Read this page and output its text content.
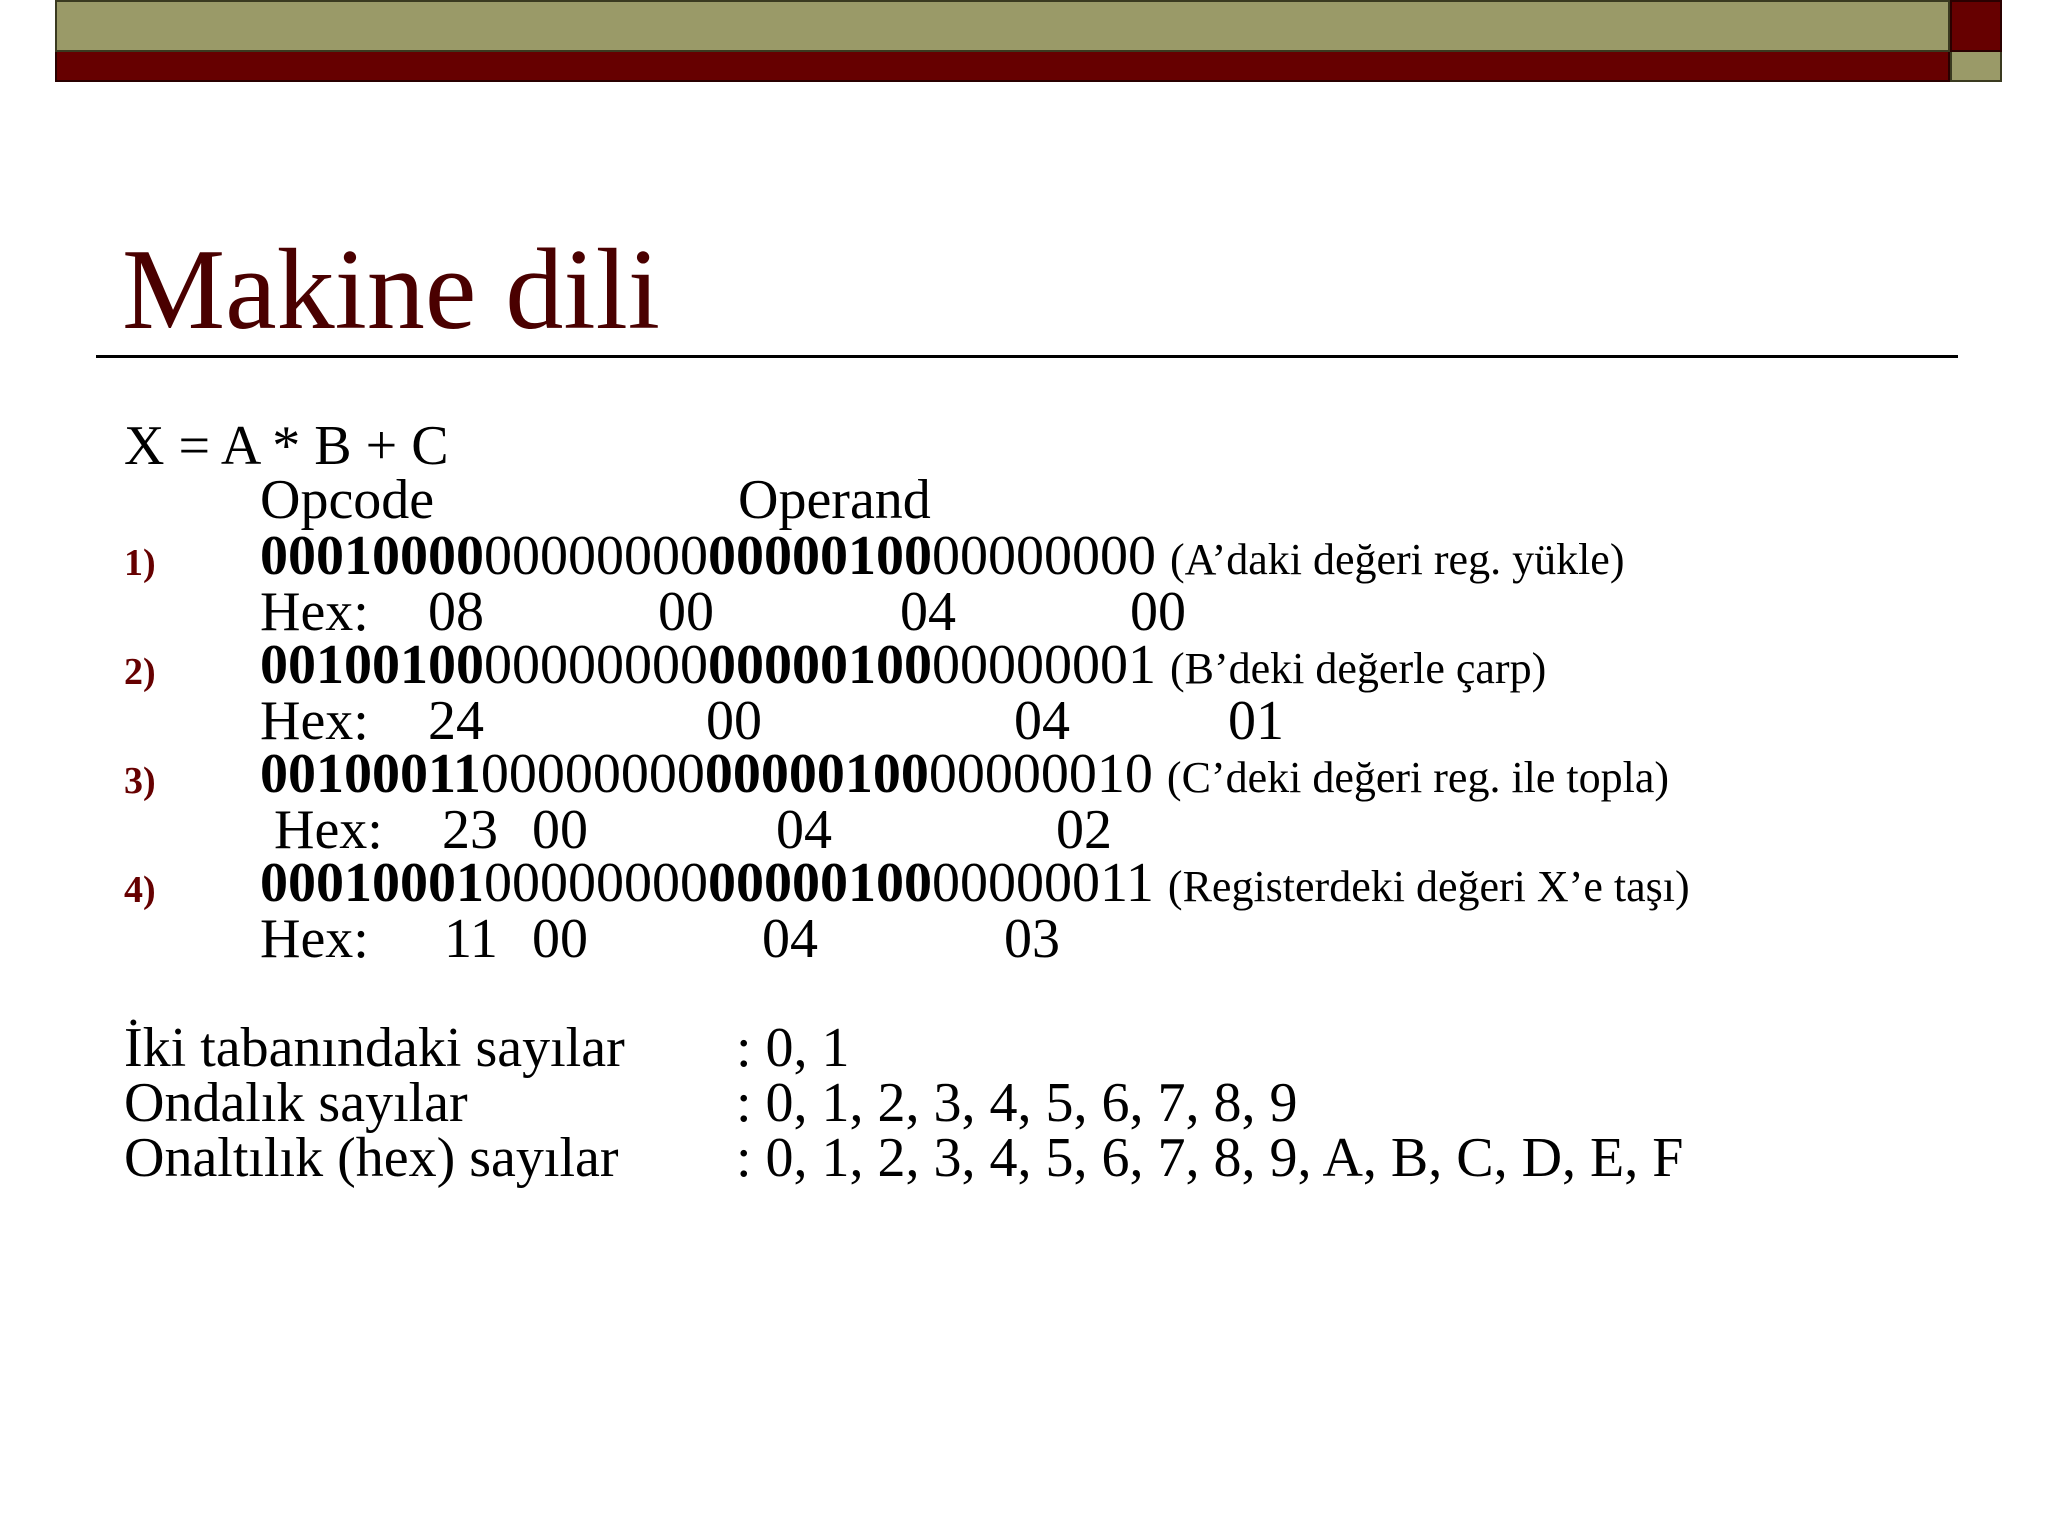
Makine dili
X = A * B + C
Opcode	Operand
1) 00010000000000000000010000000000 (A’daki değeri reg. yükle)
Hex: 08	00	04	00
2) 00100100000000000000010000000001 (B’deki değerle çarp)
Hex: 24	00	04	01
3) 00100011000000000000010000000010 (C’deki değeri reg. ile topla)
Hex: 23 00	04	02
4) 00010001000000000000010000000011 (Registerdeki değeri X’e taşı)
Hex: 11 00	04	03
İki tabanındaki sayılar : 0, 1
Ondalık sayılar	: 0, 1, 2, 3, 4, 5, 6, 7, 8, 9
Onaltılık (hex) sayılar : 0, 1, 2, 3, 4, 5, 6, 7, 8, 9, A, B, C, D, E, F
